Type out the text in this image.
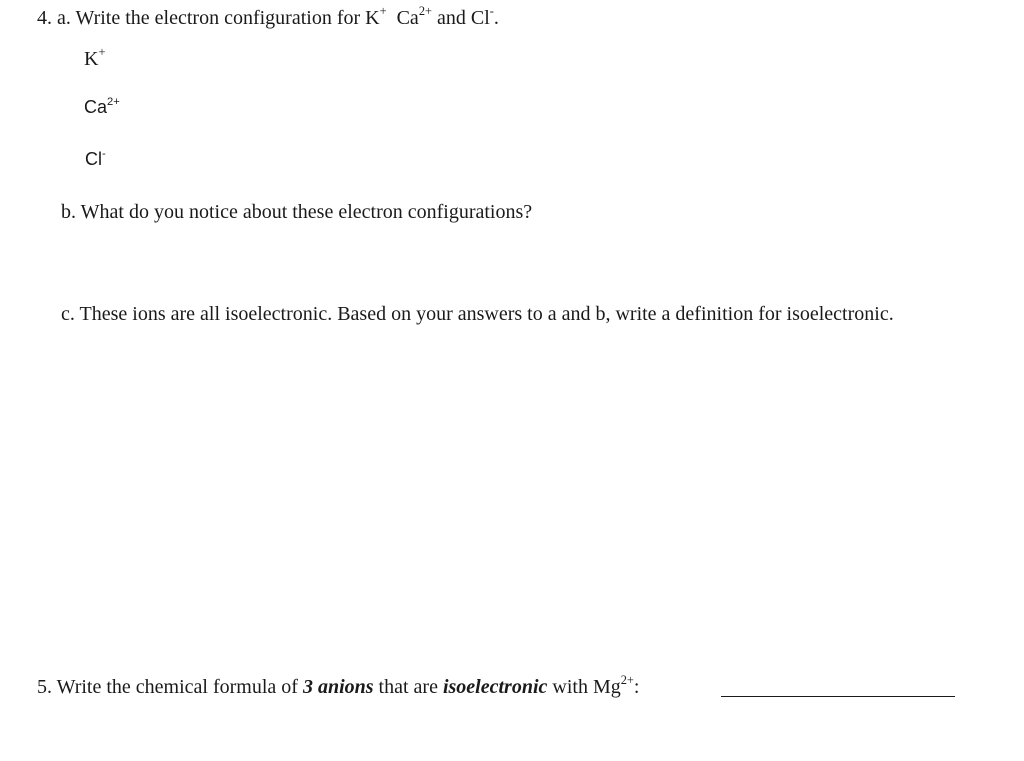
4. a. Write the electron configuration for K+ $Ca^{2+}$ and Cl-.
K+
$Ca^{2+}$
Cl-
b. What do you notice about these electron configurations?
c. These ions are all isoelectronic. Based on your answers to a and b, write a definition for isoelectronic.
5. Write the chemical formula of 3 anions that are isoelectronic with $Mg^{2+}$:
